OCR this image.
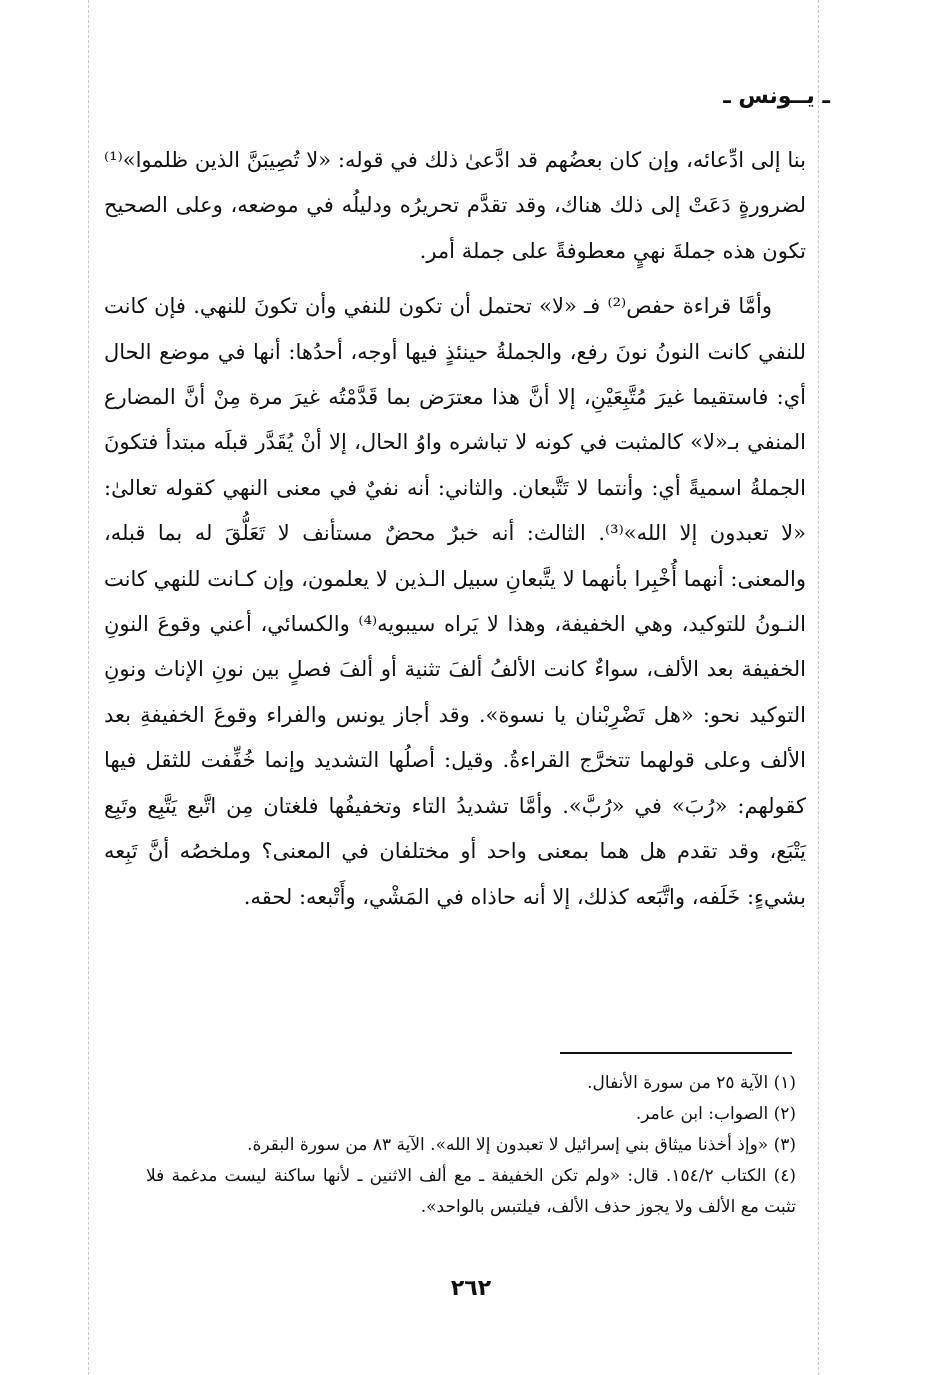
ـ يــونس ـ

بنا إلى ادِّعائه، وإن كان بعضُهم قد ادَّعىٰ ذلك في قوله: «لا تُصِيبَنَّ الذين ظلموا»⁽¹⁾ لضرورةٍ دَعَتْ إلى ذلك هناك، وقد تقدَّم تحريرُه ودليلُه في موضعه، وعلى الصحيح تكون هذه جملةَ نهيٍ معطوفةً على جملة أمر.

وأمَّا قراءة حفص⁽²⁾ فـ «لا» تحتمل أن تكون للنفي وأن تكونَ للنهي. فإن كانت للنفي كانت النونُ نونَ رفع، والجملةُ حينئذٍ فيها أوجه، أحدُها: أنها في موضع الحال أي: فاستقيما غيرَ مُتَّبِعَيْنِ، إلا أنَّ هذا معترَض بما قَدَّمْتُه غيرَ مرة مِنْ أنَّ المضارع المنفي بـ«لا» كالمثبت في كونه لا تباشره واوُ الحال، إلا أنْ يُقَدَّر قبلَه مبتدأ فتكونَ الجملةُ اسميةً أي: وأنتما لا تَتَّبعان. والثاني: أنه نفيٌ في معنى النهي كقوله تعالىٰ: «لا تعبدون إلا الله»⁽³⁾. الثالث: أنه خبرٌ محضٌ مستأنف لا تَعَلُّقَ له بما قبله، والمعنى: أنهما أُخْبِرا بأنهما لا يتَّبعانِ سبيل الـذين لا يعلمون، وإن كـانت للنهي كانت النـونُ للتوكيد، وهي الخفيفة، وهذا لا يَراه سيبويه⁽⁴⁾ والكسائي، أعني وقوعَ النونِ الخفيفة بعد الألف، سواءٌ كانت الألفُ ألفَ تثنية أو ألفَ فصلٍ بين نونِ الإناث ونونِ التوكيد نحو: «هل تَضْرِبْنان يا نسوة». وقد أجاز يونس والفراء وقوعَ الخفيفةِ بعد الألف وعلى قولهما تتخرَّج القراءةُ. وقيل: أصلُها التشديد وإنما خُفِّفت للثقل فيها كقولهم: «رُبَ» في «رُبَّ». وأمَّا تشديدُ التاء وتخفيفُها فلغتان مِن اتَّبع يَتَّبِع وتَبِع يَتْبَع، وقد تقدم هل هما بمعنى واحد أو مختلفان في المعنى؟ وملخصُه أنَّ تَبِعه بشيءٍ: خَلَفه، واتَّبَعه كذلك، إلا أنه حاذاه في المَشْي، وأَتْبعه: لحقه.

(١) الآية ٢٥ من سورة الأنفال.
(٢) الصواب: ابن عامر.
(٣) «وإذ أخذنا ميثاق بني إسرائيل لا تعبدون إلا الله». الآية ٨٣ من سورة البقرة.
(٤) الكتاب ١٥٤/٢. قال: «ولم تكن الخفيفة ـ مع ألف الاثنين ـ لأنها ساكنة ليست مدغمة فلا تثبت مع الألف ولا يجوز حذف الألف، فيلتبس بالواحد».
٢٦٢
